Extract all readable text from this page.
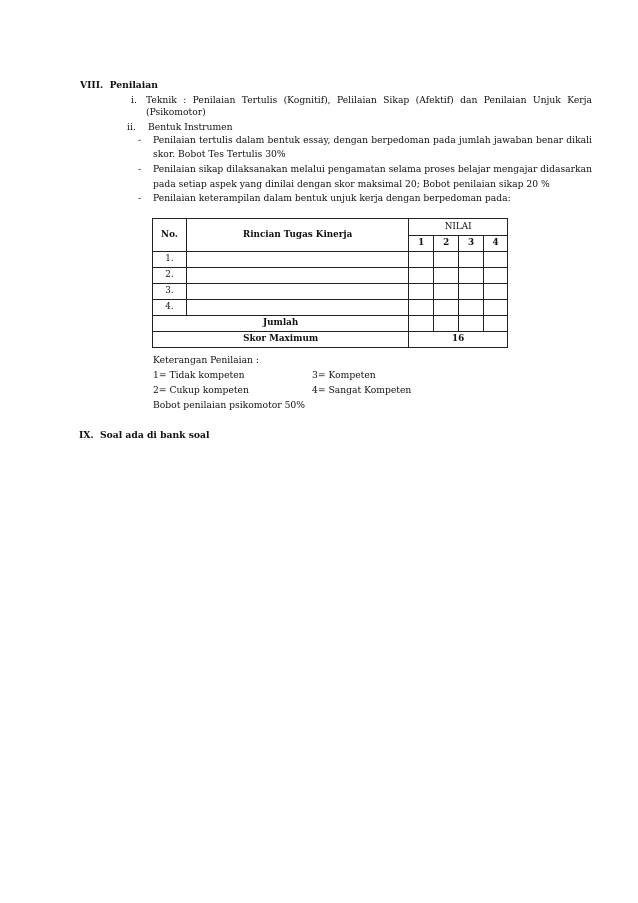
VIII. Penilaian
i. Teknik : Penilaian Tertulis (Kognitif), Pelilaian Sikap (Afektif) dan Penilaian Unjuk Kerja
(Psikomotor)
ii. Bentuk Instrumen
- Penilaian tertulis dalam bentuk essay, dengan berpedoman pada jumlah jawaban benar dikali
skor. Bobot Tes Tertulis 30%
- Penilaian sikap dilaksanakan melalui pengamatan selama proses belajar mengajar didasarkan
pada setiap aspek yang dinilai dengan skor maksimal 20; Bobot penilaian sikap 20 %
- Penilaian keterampilan dalam bentuk unjuk kerja dengan berpedoman pada:
No.	Rincian Tugas Kinerja	NILAI			
		1	2	3	4
1.					
2.					
3.					
4.					
Jumlah					
Skor Maximum		16			
Keterangan Penilaian :
1= Tidak kompeten	3= Kompeten
2= Cukup kompeten	4= Sangat Kompeten
Bobot penilaian psikomotor 50%
IX. Soal ada di bank soal
